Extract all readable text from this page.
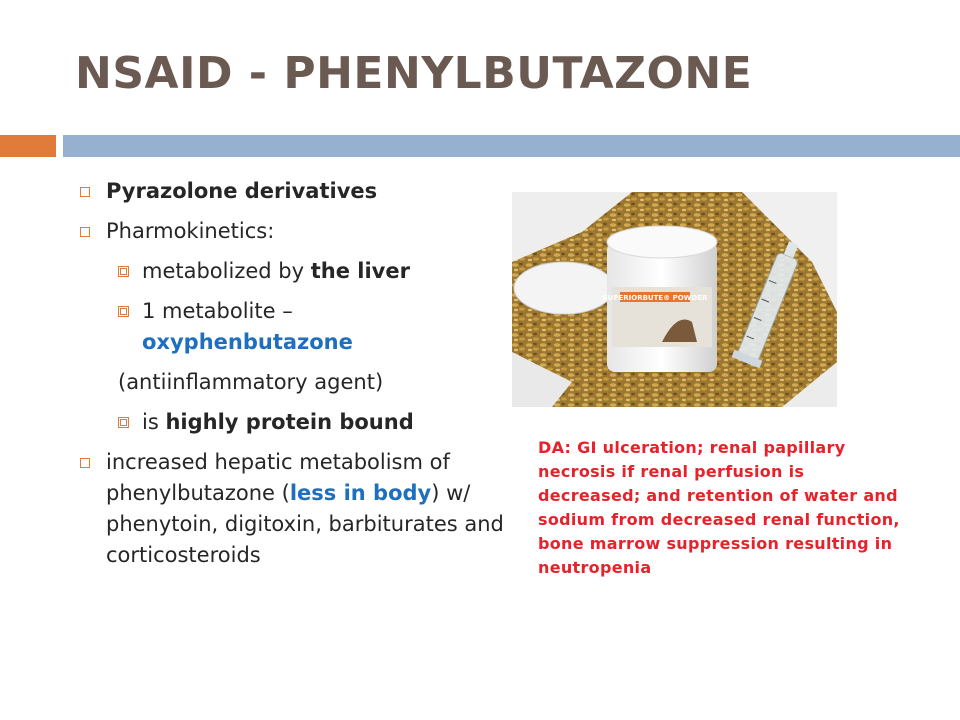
NSAID - PHENYLBUTAZONE
Pyrazolone derivatives
Pharmokinetics:
metabolized by the liver
1 metabolite –
oxyphenbutazone
(antiinflammatory agent)
is highly protein bound
increased hepatic metabolism of phenylbutazone (less in body) w/ phenytoin, digitoxin, barbiturates and corticosteroids
SUPERIORBUTE® POWDER
DA: GI ulceration; renal papillary necrosis if renal perfusion is decreased; and retention of water and sodium from decreased renal function, bone marrow suppression resulting in neutropenia
